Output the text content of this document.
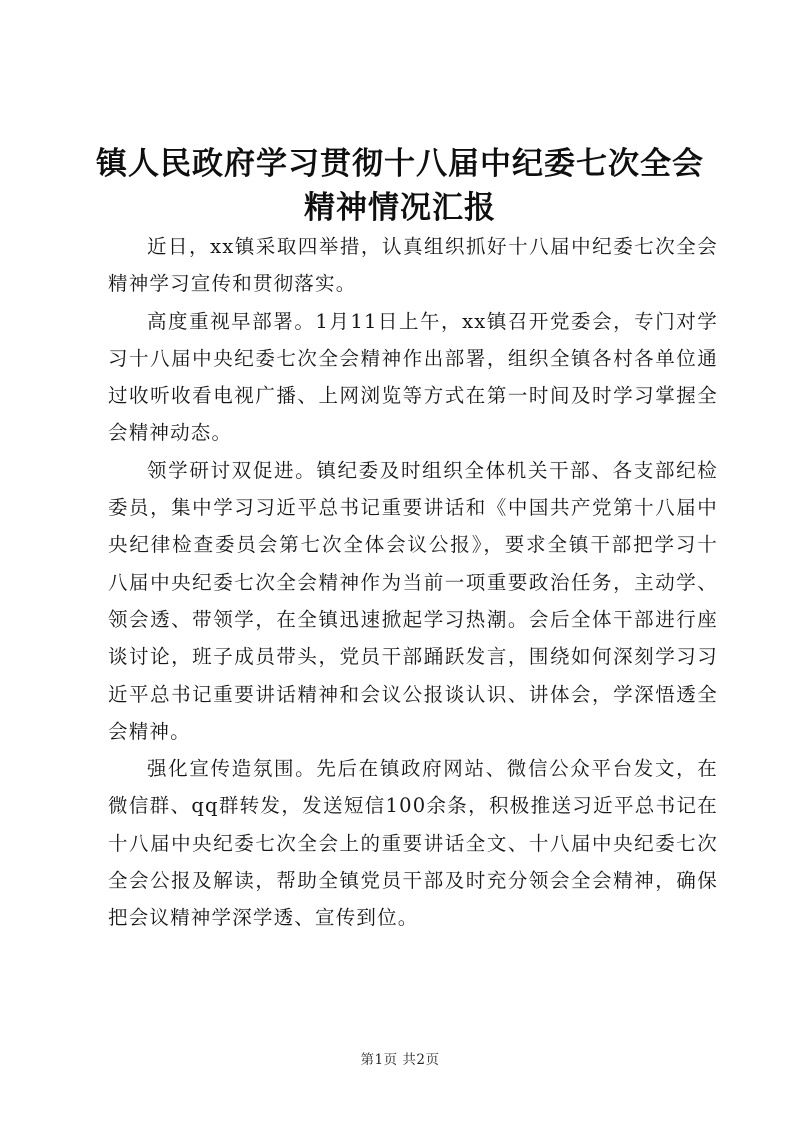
镇人民政府学习贯彻十八届中纪委七次全会精神情况汇报

近日，xx镇采取四举措，认真组织抓好十八届中纪委七次全会精神学习宣传和贯彻落实。

高度重视早部署。1月11日上午，xx镇召开党委会，专门对学习十八届中央纪委七次全会精神作出部署，组织全镇各村各单位通过收听收看电视广播、上网浏览等方式在第一时间及时学习掌握全会精神动态。

领学研讨双促进。镇纪委及时组织全体机关干部、各支部纪检委员，集中学习习近平总书记重要讲话和《中国共产党第十八届中央纪律检查委员会第七次全体会议公报》，要求全镇干部把学习十八届中央纪委七次全会精神作为当前一项重要政治任务，主动学、领会透、带领学，在全镇迅速掀起学习热潮。会后全体干部进行座谈讨论，班子成员带头，党员干部踊跃发言，围绕如何深刻学习习近平总书记重要讲话精神和会议公报谈认识、讲体会，学深悟透全会精神。

强化宣传造氛围。先后在镇政府网站、微信公众平台发文，在微信群、qq群转发，发送短信100余条，积极推送习近平总书记在十八届中央纪委七次全会上的重要讲话全文、十八届中央纪委七次全会公报及解读，帮助全镇党员干部及时充分领会全会精神，确保把会议精神学深学透、宣传到位。

第1页 共2页
